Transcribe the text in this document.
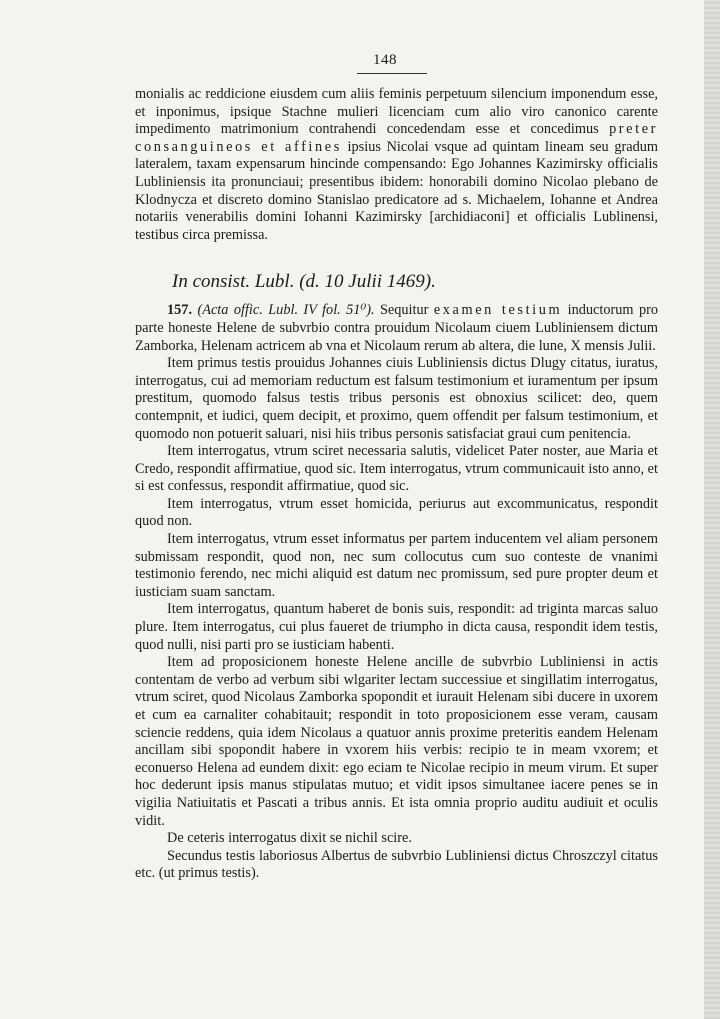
148

monialis ac reddicione eiusdem cum aliis feminis perpetuum silencium imponendum esse, et inponimus, ipsique Stachne mulieri licenciam cum alio viro canonico carente impedimento matrimonium contrahendi concedendam esse et concedimus preter consanguineos et affines ipsius Nicolai vsque ad quintam lineam seu gradum lateralem, taxam expensarum hincinde compensando: Ego Johannes Kazimirsky officialis Lubliniensis ita pronunciaui; presentibus ibidem: honorabili domino Nicolao plebano de Klodnycza et discreto domino Stanislao predicatore ad s. Michaelem, Iohanne et Andrea notariis venerabilis domini Iohanni Kazimirsky [archidiaconi] et officialis Lublinensi, testibus circa premissa.

In consist. Lubl. (d. 10 Julii 1469).

157. (Acta offic. Lubl. IV fol. 51⁰). Sequitur examen testium inductorum pro parte honeste Helene de subvrbio contra prouidum Nicolaum ciuem Lubliniensem dictum Zamborka, Helenam actricem ab vna et Nicolaum rerum ab altera, die lune, X mensis Julii.

Item primus testis prouidus Johannes ciuis Lubliniensis dictus Dlugy citatus, iuratus, interrogatus, cui ad memoriam reductum est falsum testimonium et iuramentum per ipsum prestitum, quomodo falsus testis tribus personis est obnoxius scilicet: deo, quem contempnit, et iudici, quem decipit, et proximo, quem offendit per falsum testimonium, et quomodo non potuerit saluari, nisi hiis tribus personis satisfaciat graui cum penitencia.

Item interrogatus, vtrum sciret necessaria salutis, videlicet Pater noster, aue Maria et Credo, respondit affirmatiue, quod sic. Item interrogatus, vtrum communicauit isto anno, et si est confessus, respondit affirmatiue, quod sic.

Item interrogatus, vtrum esset homicida, periurus aut excommunicatus, respondit quod non.

Item interrogatus, vtrum esset informatus per partem inducentem vel aliam personem submissam respondit, quod non, nec sum collocutus cum suo conteste de vnanimi testimonio ferendo, nec michi aliquid est datum nec promissum, sed pure propter deum et iusticiam suam sanctam.

Item interrogatus, quantum haberet de bonis suis, respondit: ad triginta marcas saluo plure. Item interrogatus, cui plus faueret de triumpho in dicta causa, respondit idem testis, quod nulli, nisi parti pro se iusticiam habenti.

Item ad proposicionem honeste Helene ancille de subvrbio Lubliniensi in actis contentam de verbo ad verbum sibi wlgariter lectam successiue et singillatim interrogatus, vtrum sciret, quod Nicolaus Zamborka spopondit et iurauit Helenam sibi ducere in uxorem et cum ea carnaliter cohabitauit; respondit in toto proposicionem esse veram, causam sciencie reddens, quia idem Nicolaus a quatuor annis proxime preteritis eandem Helenam ancillam sibi spopondit habere in vxorem hiis verbis: recipio te in meam vxorem; et econuerso Helena ad eundem dixit: ego eciam te Nicolae recipio in meum virum. Et super hoc dederunt ipsis manus stipulatas mutuo; et vidit ipsos simultanee iacere penes se in vigilia Natiuitatis et Pascati a tribus annis. Et ista omnia proprio auditu audiuit et oculis vidit.

De ceteris interrogatus dixit se nichil scire.

Secundus testis laboriosus Albertus de subvrbio Lubliniensi dictus Chroszczyl citatus etc. (ut primus testis).
